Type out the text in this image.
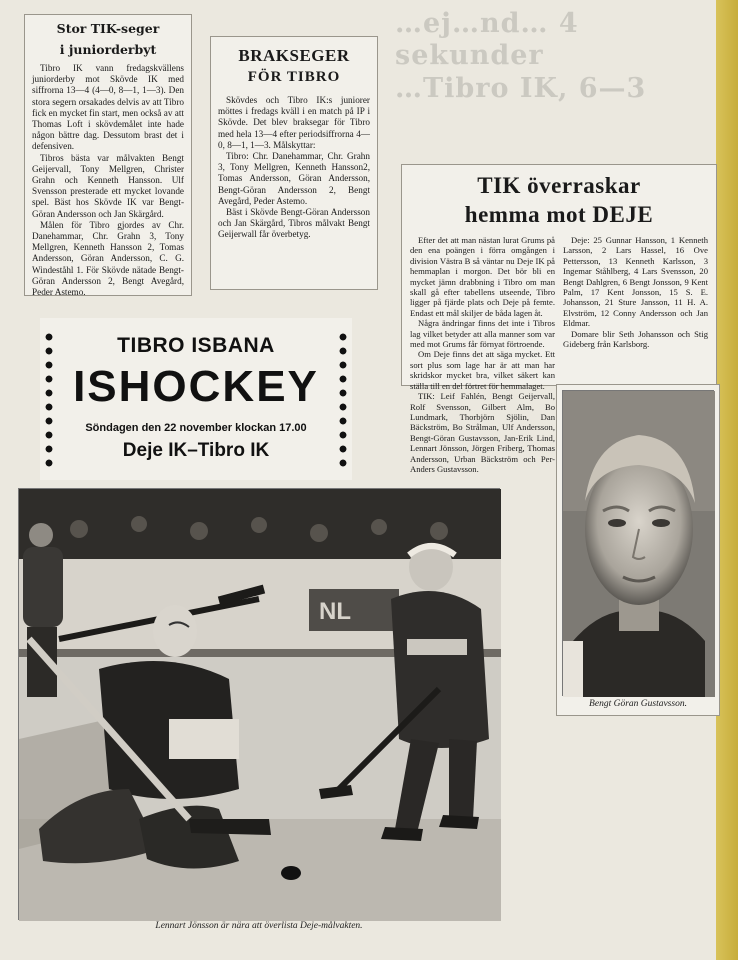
…ej…nd… 4 sekunder
…Tibro IK, 6—3

Stor TIK-seger

i juniorderbyt

Tibro IK vann fredagskvällens juniorderby mot Skövde IK med siffrorna 13—4 (4—0, 8—1, 1—3). Den stora segern orsakades delvis av att Tibro fick en mycket fin start, men också av att Thomas Loft i skövdemålet inte hade någon bättre dag. Dessutom brast det i defensiven.

Tibros bästa var målvakten Bengt Geijervall, Tony Mellgren, Christer Grahn och Kenneth Hansson. Ulf Svensson presterade ett mycket lovande spel. Bäst hos Skövde IK var Bengt-Göran Andersson och Jan Skärgård.

Målen för Tibro gjordes av Chr. Danehammar, Chr. Grahn 3, Tony Mellgren, Kenneth Hansson 2, Tomas Andersson, Göran Andersson, C. G. Windeståhl 1. För Skövde nätade Bengt-Göran Andersson 2, Bengt Avegård, Peder Astemo.

BRAKSEGER

FÖR TIBRO

Skövdes och Tibro IK:s juniorer möttes i fredags kväll i en match på IP i Skövde. Det blev braksegar för Tibro med hela 13—4 efter periodsiffrorna 4—0, 8—1, 1—3. Målskyttar:

Tibro: Chr. Danehammar, Chr. Grahn 3, Tony Mellgren, Kenneth Hansson2, Tomas Andersson, Göran Andersson, Bengt-Göran Andersson 2, Bengt Avegård, Peder Astemo.

Bäst i Skövde Bengt-Göran Andersson och Jan Skärgård, Tibros målvakt Bengt Geijerwall får överbetyg.

TIBRO ISBANA
ISHOCKEY
Söndagen den 22 november klockan 17.00
Deje IK–Tibro IK

TIK överraskar

hemma mot DEJE

Efter det att man nästan lurat Grums på den ena poängen i förra omgången i division Västra B så väntar nu Deje IK på hemmaplan i morgon. Det bör bli en mycket jämn drabbning i Tibro om man skall gå efter tabellens utseende, Tibro ligger på fjärde plats och Deje på femte. Endast ett mål skiljer de båda lagen åt.

Några ändringar finns det inte i Tibros lag vilket betyder att alla manner som var med mot Grums får förnyat förtroende.

Om Deje finns det att säga mycket. Ett sort plus som lage har är att man har skridskor mycket bra, vilket säkert kan ställa till en del förtret för hemmalaget.

TIK: Leif Fahlén, Bengt Geijervall, Rolf Svensson, Gilbert Alm, Bo Lundmark, Thorbjörn Sjölin, Dan Bäckström, Bo Strålman, Ulf Andersson, Bengt-Göran Gustavsson, Jan-Erik Lind, Lennart Jönsson, Jörgen Friberg, Thomas Andersson, Urban Bäckström och Per-Anders Gustavsson.

Deje: 25 Gunnar Hansson, 1 Kenneth Larsson, 2 Lars Hassel, 16 Ove Pettersson, 13 Kenneth Karlsson, 3 Ingemar Ståhlberg, 4 Lars Svensson, 20 Bengt Dahlgren, 6 Bengt Jonsson, 9 Kent Palm, 17 Kent Jonsson, 15 S. E. Johansson, 21 Sture Jansson, 11 H. A. Elvström, 12 Conny Andersson och Jan Eldmar.

Domare blir Seth Johansson och Stig Gideberg från Karlsborg.

Bengt Göran Gustavsson.
NL
Lennart Jönsson är nära att överlista Deje-målvakten.
